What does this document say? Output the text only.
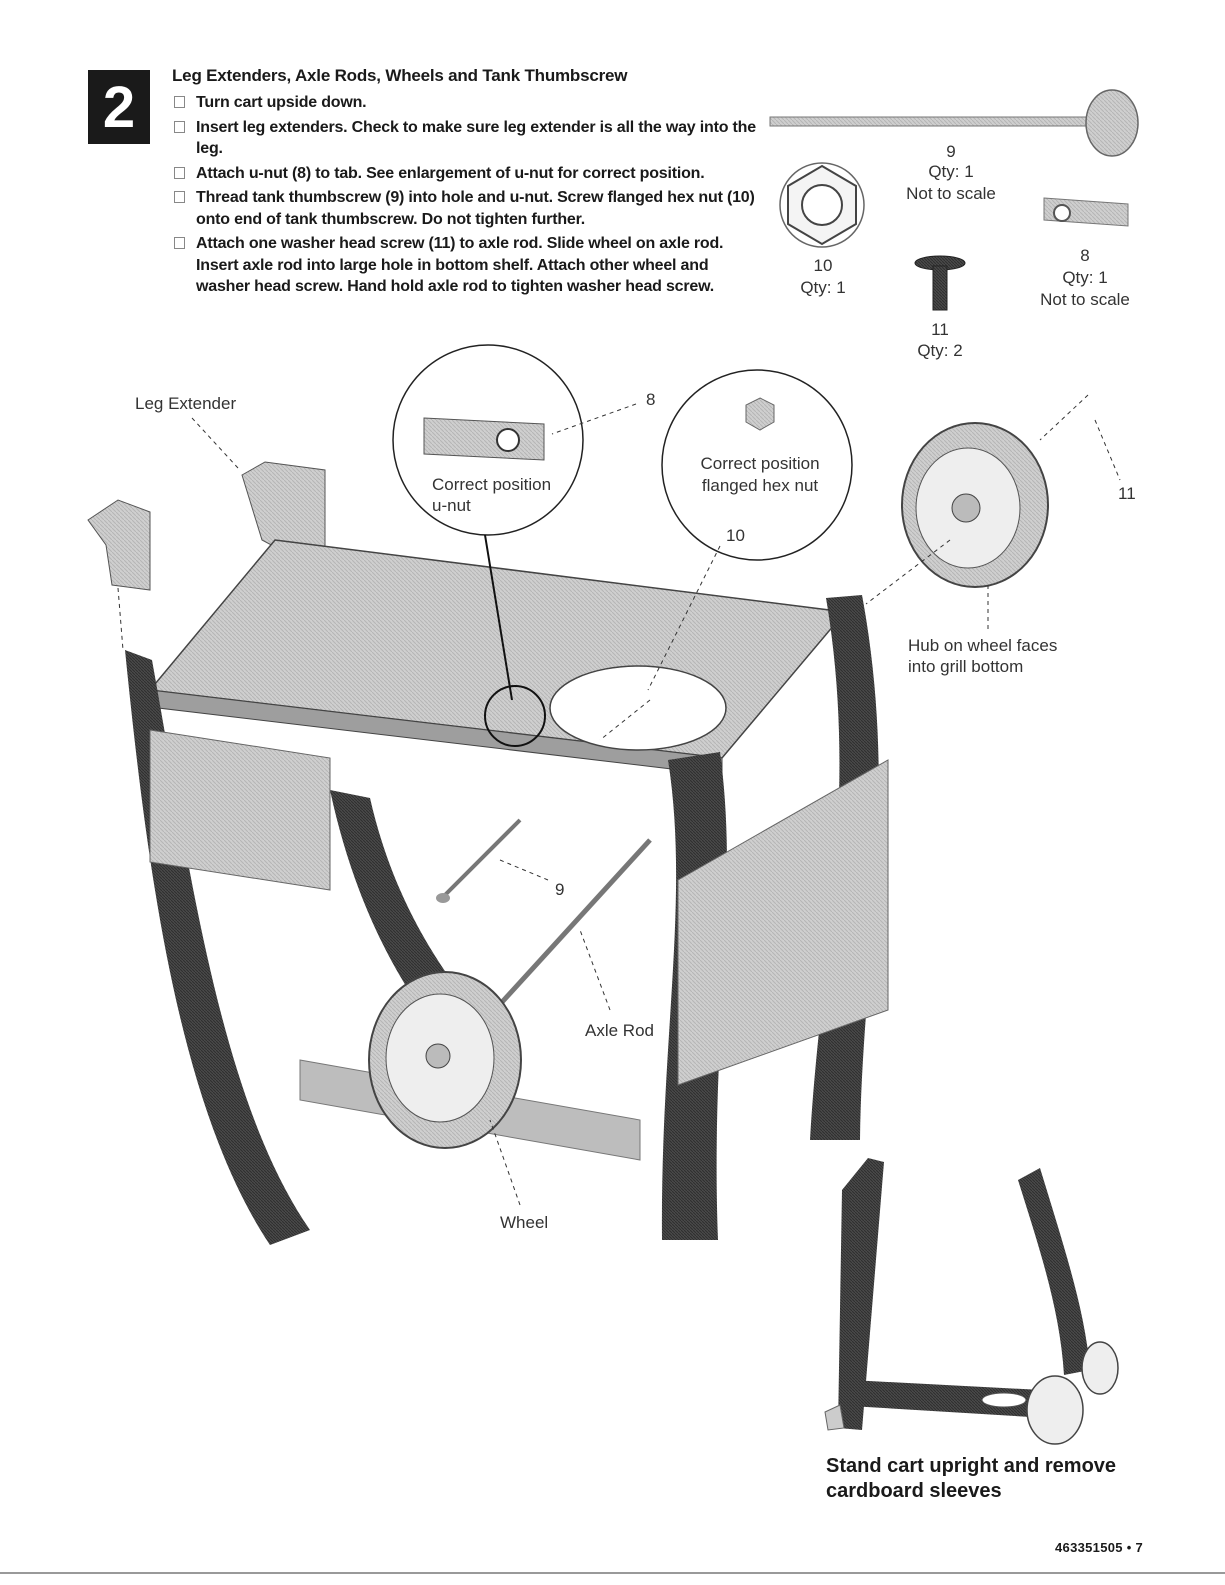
2	Leg Extenders, Axle Rods, Wheels and Tank Thumbscrew
Turn cart upside down.
Insert leg extenders. Check to make sure leg extender is all the way into the leg.
Attach u-nut (8) to tab. See enlargement of u-nut for correct position.
Thread tank thumbscrew (9) into hole and u-nut. Screw flanged hex nut (10) onto end of tank thumbscrew. Do not tighten further.
Attach one washer head screw (11) to axle rod. Slide wheel on axle rod. Insert axle rod into large hole in bottom shelf. Attach other wheel and washer head screw. Hand hold axle rod to tighten washer head screw.
9
Qty: 1
Not to scale
10
Qty: 1
11
Qty: 2
8
Qty: 1
Not to scale
Leg Extender	8
Correct position
u-nut
Correct position
flanged hex nut
10
11
Hub on wheel faces
into grill bottom
9
Axle Rod
Wheel
Stand cart upright and remove
cardboard sleeves
463351505 • 7
